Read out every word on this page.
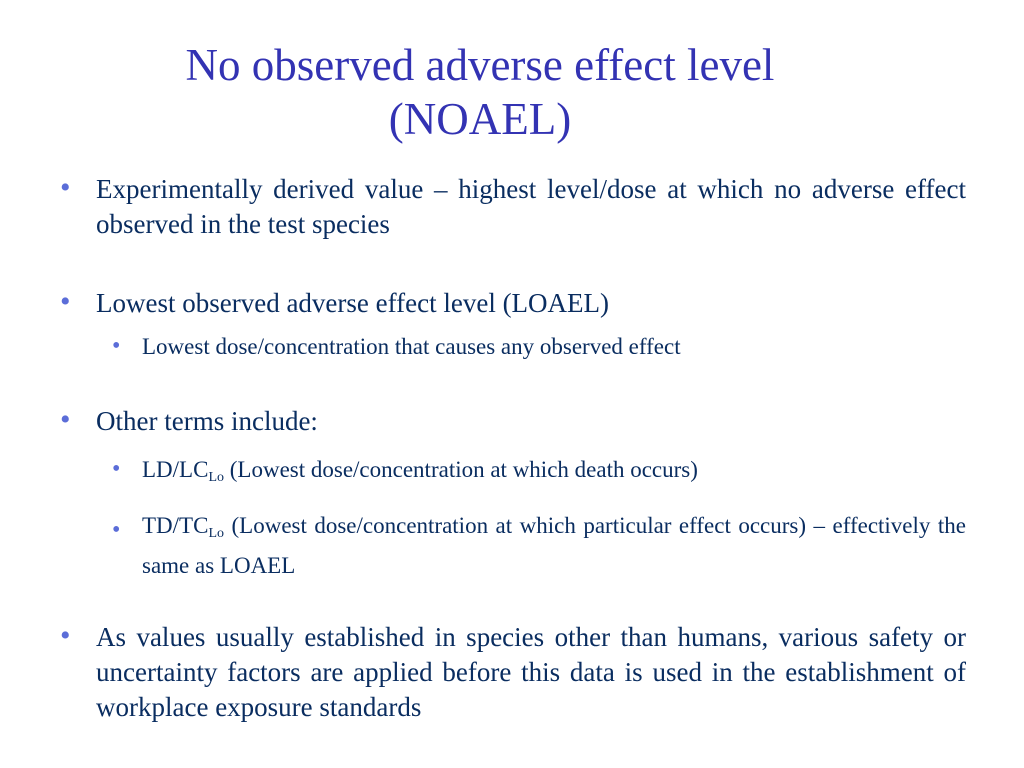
No observed adverse effect level
(NOAEL)
• Experimentally derived value – highest level/dose at which no adverse effect observed in the test species
• Lowest observed adverse effect level (LOAEL)
• Lowest dose/concentration that causes any observed effect
• Other terms include:
• $LD/LC_{Lo}$ (Lowest dose/concentration at which death occurs)
• $TD/TC_{Lo}$ (Lowest dose/concentration at which particular effect occurs) – effectively the same as LOAEL
• As values usually established in species other than humans, various safety or uncertainty factors are applied before this data is used in the establishment of workplace exposure standards
